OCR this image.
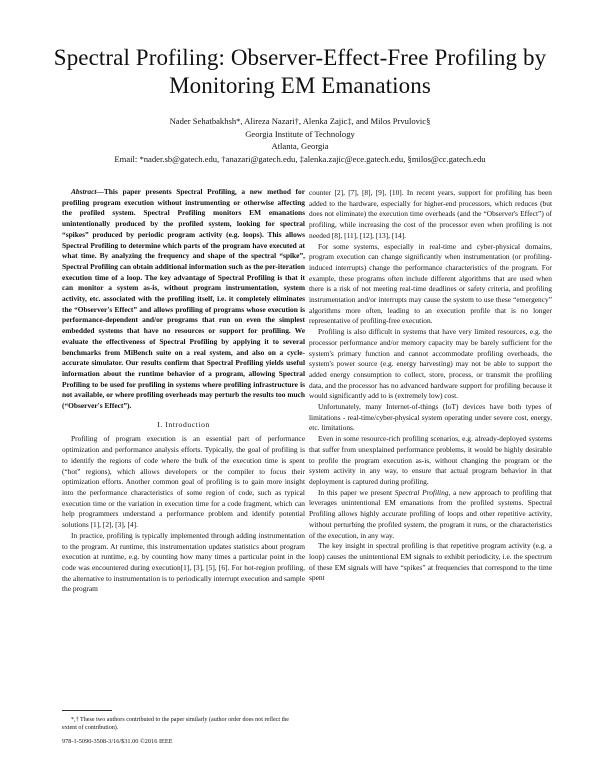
Spectral Profiling: Observer-Effect-Free Profiling by
Monitoring EM Emanations
Nader Sehatbakhsh*, Alireza Nazari†, Alenka Zajic‡, and Milos Prvulovic§
Georgia Institute of Technology
Atlanta, Georgia
Email: *nader.sb@gatech.edu, †anazari@gatech.edu, ‡alenka.zajic@ece.gatech.edu, §milos@cc.gatech.edu

Abstract—This paper presents Spectral Profiling, a new method for profiling program execution without instrumenting or otherwise affecting the profiled system. Spectral Profiling monitors EM emanations unintentionally produced by the profiled system, looking for spectral “spikes” produced by periodic program activity (e.g. loops). This allows Spectral Profiling to determine which parts of the program have executed at what time. By analyzing the frequency and shape of the spectral “spike”, Spectral Profiling can obtain additional information such as the per-iteration execution time of a loop. The key advantage of Spectral Profiling is that it can monitor a system as-is, without program instrumentation, system activity, etc. associated with the profiling itself, i.e. it completely eliminates the “Observer's Effect” and allows profiling of programs whose execution is performance-dependent and/or programs that run on even the simplest embedded systems that have no resources or support for profiling. We evaluate the effectiveness of Spectral Profiling by applying it to several benchmarks from MiBench suite on a real system, and also on a cycle-accurate simulator. Our results confirm that Spectral Profiling yields useful information about the runtime behavior of a program, allowing Spectral Profiling to be used for profiling in systems where profiling infrastructure is not available, or where profiling overheads may perturb the results too much (“Observer's Effect”).

I. Introduction

Profiling of program execution is an essential part of performance optimization and performance analysis efforts. Typically, the goal of profiling is to identify the regions of code where the bulk of the execution time is spent (“hot” regions), which allows developers or the compiler to focus their optimization efforts. Another common goal of profiling is to gain more insight into the performance characteristics of some region of code, such as typical execution time or the variation in execution time for a code fragment, which can help programmers understand a performance problem and identify potential solutions [1], [2], [3], [4].

In practice, profiling is typically implemented through adding instrumentation to the program. At runtime, this instrumentation updates statistics about program execution at runtime, e.g. by counting how many times a particular point in the code was encountered during execution[1], [3], [5], [6]. For hot-region profiling, the alternative to instrumentation is to periodically interrupt execution and sample the program

counter [2], [7], [8], [9], [10]. In recent years, support for profiling has been added to the hardware, especially for higher-end processors, which reduces (but does not eliminate) the execution time overheads (and the “Observer's Effect”) of profiling, while increasing the cost of the processor even when profiling is not needed [8], [11], [12], [13], [14].

For some systems, especially in real-time and cyber-physical domains, program execution can change significantly when instrumentation (or profiling-induced interrupts) change the performance characteristics of the program. For example, these programs often include different algorithms that are used when there is a risk of not meeting real-time deadlines or safety criteria, and profiling instrumentation and/or interrupts may cause the system to use these “emergency” algorithms more often, leading to an execution profile that is no longer representative of profiling-free execution.

Profiling is also difficult in systems that have very limited resources, e.g. the processor performance and/or memory capacity may be barely sufficient for the system's primary function and cannot accommodate profiling overheads, the system's power source (e.g. energy harvesting) may not be able to support the added energy consumption to collect, store, process, or transmit the profiling data, and the processor has no advanced hardware support for profiling because it would significantly add to is (extremely low) cost.

Unfortunately, many Internet-of-things (IoT) devices have both types of limitations - real-time/cyber-physical system operating under severe cost, energy, etc. limitations.

Even in some resource-rich profiling scenarios, e.g. already-deployed systems that suffer from unexplained performance problems, it would be highly desirable to profile the program execution as-is, without changing the program or the system activity in any way, to ensure that actual program behavior in that deployment is captured during profiling.

In this paper we present Spectral Profiling, a new approach to profiling that leverages unintentional EM emanations from the profiled systems. Spectral Profiling allows highly accurate profiling of loops and other repetitive activity, without perturbing the profiled system, the program it runs, or the characteristics of the execution, in any way.

The key insight in spectral profiling is that repetitive program activity (e.g. a loop) causes the unintentional EM signals to exhibit periodicity, i.e. the spectrum of these EM signals will have “spikes” at frequencies that correspond to the time spent

*,† These two authors contributed to the paper similarly (author order does not reflect the extent of contribution).
978-1-5090-3508-3/16/$31.00 ©2016 IEEE
